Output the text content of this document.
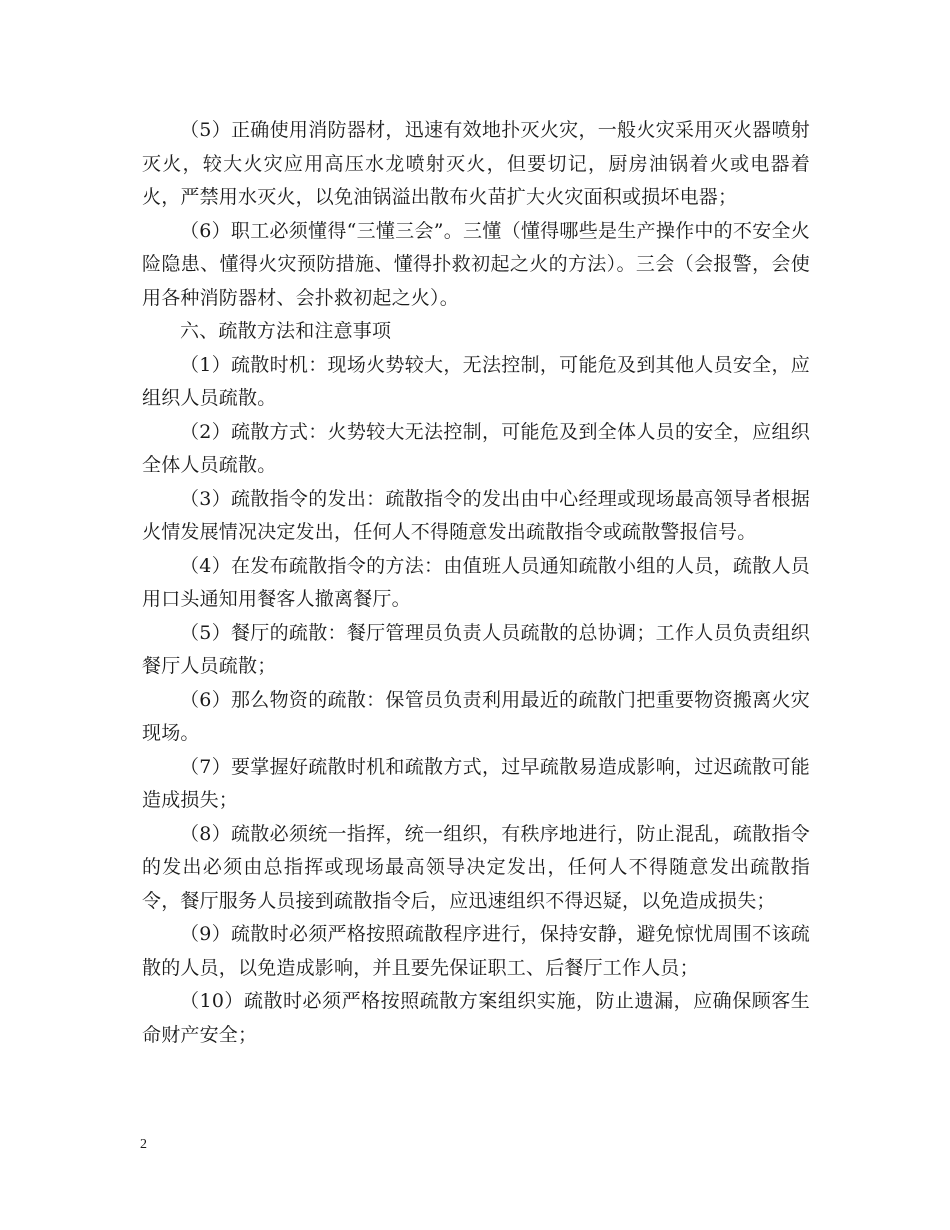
（5）正确使用消防器材，迅速有效地扑灭火灾，一般火灾采用灭火器喷射灭火，较大火灾应用高压水龙喷射灭火，但要切记，厨房油锅着火或电器着火，严禁用水灭火，以免油锅溢出散布火苗扩大火灾面积或损坏电器；

（6）职工必须懂得“三懂三会”。三懂（懂得哪些是生产操作中的不安全火险隐患、懂得火灾预防措施、懂得扑救初起之火的方法）。三会（会报警，会使用各种消防器材、会扑救初起之火）。

六、疏散方法和注意事项

（1）疏散时机：现场火势较大，无法控制，可能危及到其他人员安全，应组织人员疏散。

（2）疏散方式：火势较大无法控制，可能危及到全体人员的安全，应组织全体人员疏散。

（3）疏散指令的发出：疏散指令的发出由中心经理或现场最高领导者根据火情发展情况决定发出，任何人不得随意发出疏散指令或疏散警报信号。

（4）在发布疏散指令的方法：由值班人员通知疏散小组的人员，疏散人员用口头通知用餐客人撤离餐厅。

（5）餐厅的疏散：餐厅管理员负责人员疏散的总协调；工作人员负责组织餐厅人员疏散；

（6）那么物资的疏散：保管员负责利用最近的疏散门把重要物资搬离火灾现场。

（7）要掌握好疏散时机和疏散方式，过早疏散易造成影响，过迟疏散可能造成损失；

（8）疏散必须统一指挥，统一组织，有秩序地进行，防止混乱，疏散指令的发出必须由总指挥或现场最高领导决定发出，任何人不得随意发出疏散指令，餐厅服务人员接到疏散指令后，应迅速组织不得迟疑，以免造成损失；

（9）疏散时必须严格按照疏散程序进行，保持安静，避免惊忧周围不该疏散的人员，以免造成影响，并且要先保证职工、后餐厅工作人员；

（10）疏散时必须严格按照疏散方案组织实施，防止遗漏，应确保顾客生命财产安全；

2
